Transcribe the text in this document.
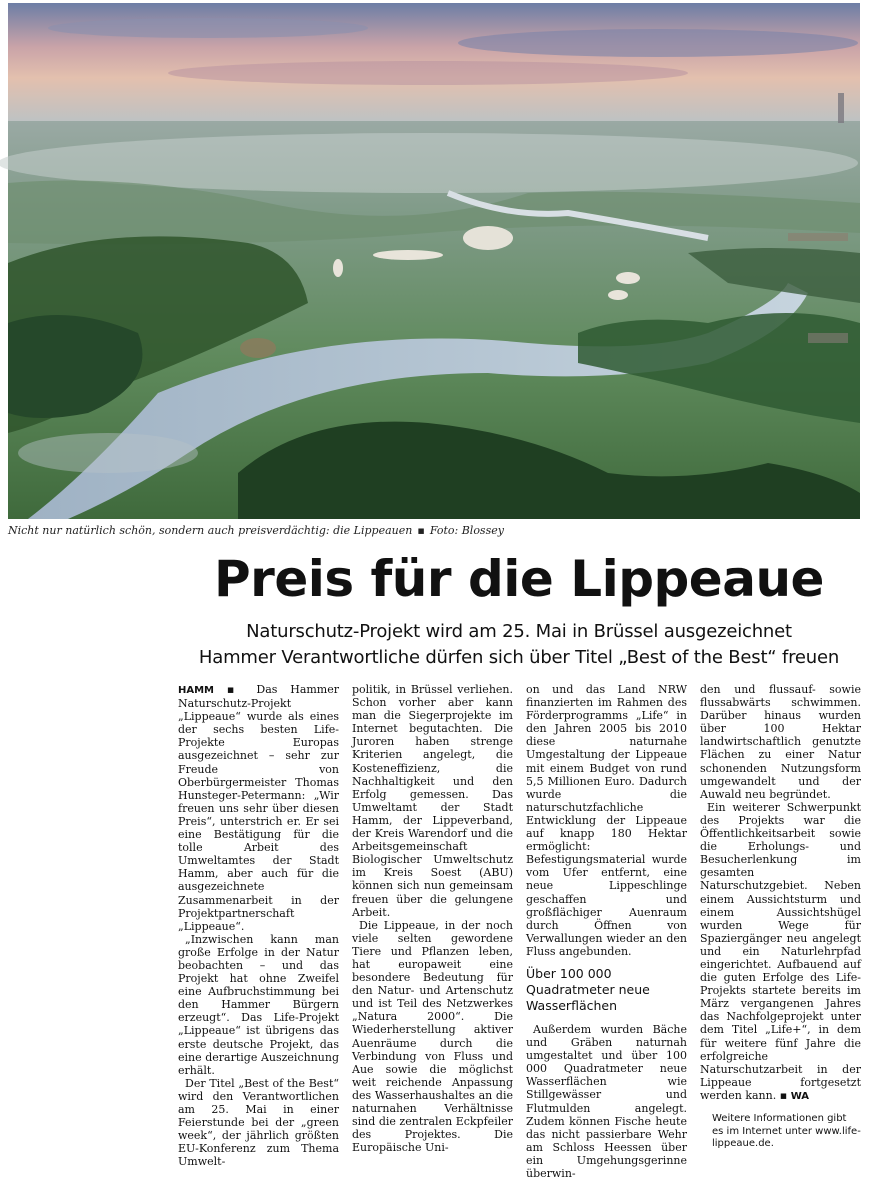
Nicht nur natürlich schön, sondern auch preisverdächtig: die Lippeauen ▪ Foto: Blossey
Preis für die Lippeaue
Naturschutz-Projekt wird am 25. Mai in Brüssel ausgezeichnet
Hammer Verantwortliche dürfen sich über Titel „Best of the Best“ freuen

HAMM ▪ Das Hammer Naturschutz-Projekt „Lippeaue“ wurde als eines der sechs besten Life-Projekte Europas ausgezeichnet – sehr zur Freude von Oberbürgermeister Thomas Hunsteger-Petermann: „Wir freuen uns sehr über diesen Preis“, unterstrich er. Er sei eine Bestätigung für die tolle Arbeit des Umweltamtes der Stadt Hamm, aber auch für die ausgezeichnete Zusammenarbeit in der Projektpartnerschaft „Lippeaue“.

„Inzwischen kann man große Erfolge in der Natur beobachten – und das Projekt hat ohne Zweifel eine Aufbruchstimmung bei den Hammer Bürgern erzeugt“. Das Life-Projekt „Lippeaue“ ist übrigens das erste deutsche Projekt, das eine derartige Auszeichnung erhält.

Der Titel „Best of the Best“ wird den Verantwortlichen am 25. Mai in einer Feierstunde bei der „green week“, der jährlich größten EU-Konferenz zum Thema Umwelt-

politik, in Brüssel verliehen. Schon vorher aber kann man die Siegerprojekte im Internet begutachten. Die Juroren haben strenge Kriterien angelegt, die Kosteneffizienz, die Nachhaltigkeit und den Erfolg gemessen. Das Umweltamt der Stadt Hamm, der Lippeverband, der Kreis Warendorf und die Arbeitsgemeinschaft Biologischer Umweltschutz im Kreis Soest (ABU) können sich nun gemeinsam freuen über die gelungene Arbeit.

Die Lippeaue, in der noch viele selten gewordene Tiere und Pflanzen leben, hat europaweit eine besondere Bedeutung für den Natur- und Artenschutz und ist Teil des Netzwerkes „Natura 2000“. Die Wiederherstellung aktiver Auenräume durch die Verbindung von Fluss und Aue sowie die möglichst weit reichende Anpassung des Wasserhaushaltes an die naturnahen Verhältnisse sind die zentralen Eckpfeiler des Projektes. Die Europäische Uni-

on und das Land NRW finanzierten im Rahmen des Förderprogramms „Life“ in den Jahren 2005 bis 2010 diese naturnahe Umgestaltung der Lippeaue mit einem Budget von rund 5,5 Millionen Euro. Dadurch wurde die naturschutzfachliche Entwicklung der Lippeaue auf knapp 180 Hektar ermöglicht: Befestigungsmaterial wurde vom Ufer entfernt, eine neue Lippeschlinge geschaffen und großflächiger Auenraum durch Öffnen von Verwallungen wieder an den Fluss angebunden.

Über 100 000 Quadratmeter neue Wasserflächen

Außerdem wurden Bäche und Gräben naturnah umgestaltet und über 100 000 Quadratmeter neue Wasserflächen wie Stillgewässer und Flutmulden angelegt. Zudem können Fische heute das nicht passierbare Wehr am Schloss Heessen über ein Umgehungsgerinne überwin-

den und flussauf- sowie flussabwärts schwimmen. Darüber hinaus wurden über 100 Hektar landwirtschaftlich genutzte Flächen zu einer Natur schonenden Nutzungsform umgewandelt und der Auwald neu begründet.

Ein weiterer Schwerpunkt des Projekts war die Öffentlichkeitsarbeit sowie die Erholungs- und Besucherlenkung im gesamten Naturschutzgebiet. Neben einem Aussichtsturm und einem Aussichtshügel wurden Wege für Spaziergänger neu angelegt und ein Naturlehrpfad eingerichtet. Aufbauend auf die guten Erfolge des Life-Projekts startete bereits im März vergangenen Jahres das Nachfolgeprojekt unter dem Titel „Life+“, in dem für weitere fünf Jahre die erfolgreiche Naturschutzarbeit in der Lippeaue fortgesetzt werden kann. ▪ WA

Weitere Informationen gibt es im Internet unter www.life-lippeaue.de.
